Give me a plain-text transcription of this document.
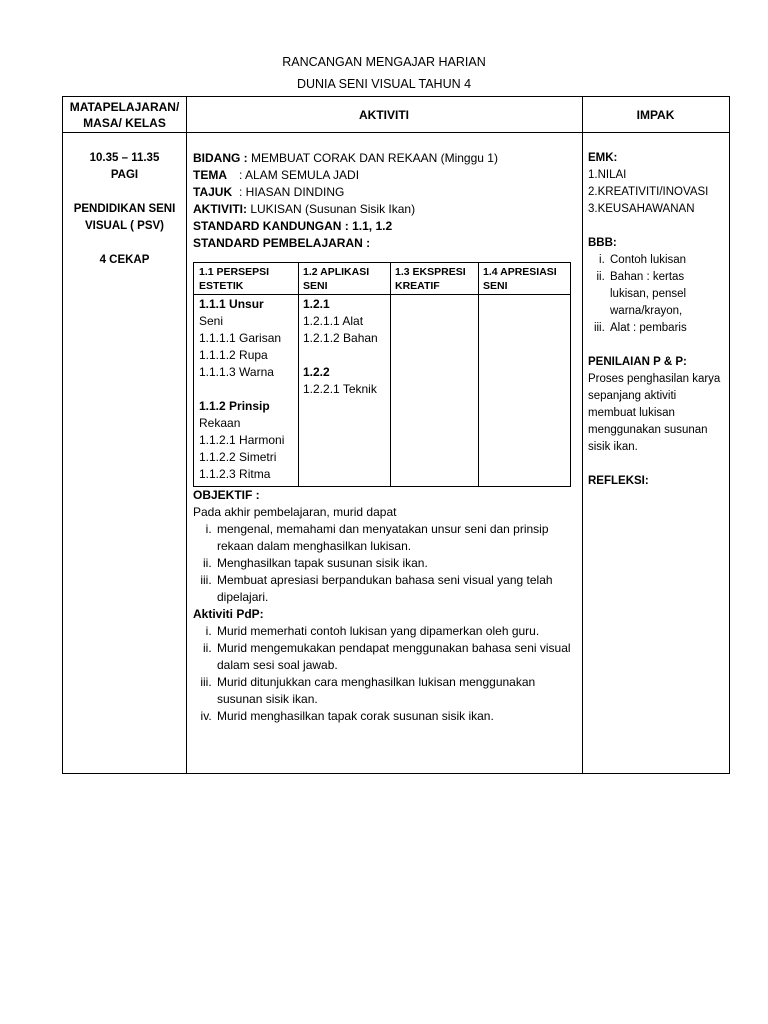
RANCANGAN MENGAJAR HARIAN
DUNIA SENI VISUAL TAHUN 4
MATAPELAJARAN/ MASA/ KELAS
AKTIVITI	IMPAK
10.35 – 11.35
PAGI
PENDIDIKAN SENI VISUAL ( PSV)
4 CEKAP
BIDANG : MEMBUAT CORAK DAN REKAAN (Minggu 1)
TEMA : ALAM SEMULA JADI
TAJUK : HIASAN DINDING
AKTIVITI: LUKISAN (Susunan Sisik Ikan)
STANDARD KANDUNGAN : 1.1, 1.2
STANDARD PEMBELAJARAN :
1.1 PERSEPSI ESTETIK
1.2 APLIKASI SENI
1.3 EKSPRESI KREATIF
1.4 APRESIASI SENI
1.1.1 Unsur
Seni
1.1.1.1 Garisan
1.1.1.2 Rupa
1.1.1.3 Warna
1.1.2 Prinsip
Rekaan
1.1.2.1 Harmoni
1.1.2.2 Simetri
1.1.2.3 Ritma
1.2.1
1.2.1.1 Alat
1.2.1.2 Bahan
1.2.2
1.2.2.1 Teknik
OBJEKTIF :
Pada akhir pembelajaran, murid dapat
i. mengenal, memahami dan menyatakan unsur seni dan prinsip rekaan dalam menghasilkan lukisan.
ii. Menghasilkan tapak susunan sisik ikan.
iii. Membuat apresiasi berpandukan bahasa seni visual yang telah dipelajari.
Aktiviti PdP:
i. Murid memerhati contoh lukisan yang dipamerkan oleh guru.
ii. Murid mengemukakan pendapat menggunakan bahasa seni visual dalam sesi soal jawab.
iii. Murid ditunjukkan cara menghasilkan lukisan menggunakan susunan sisik ikan.
iv. Murid menghasilkan tapak corak susunan sisik ikan.
EMK:
1.NILAI
2.KREATIVITI/INOVASI
3.KEUSAHAWANAN
BBB:
i. Contoh lukisan
ii. Bahan : kertas lukisan, pensel warna/krayon,
iii. Alat : pembaris
PENILAIAN P & P:
Proses penghasilan karya sepanjang aktiviti membuat lukisan menggunakan susunan sisik ikan.
REFLEKSI:
